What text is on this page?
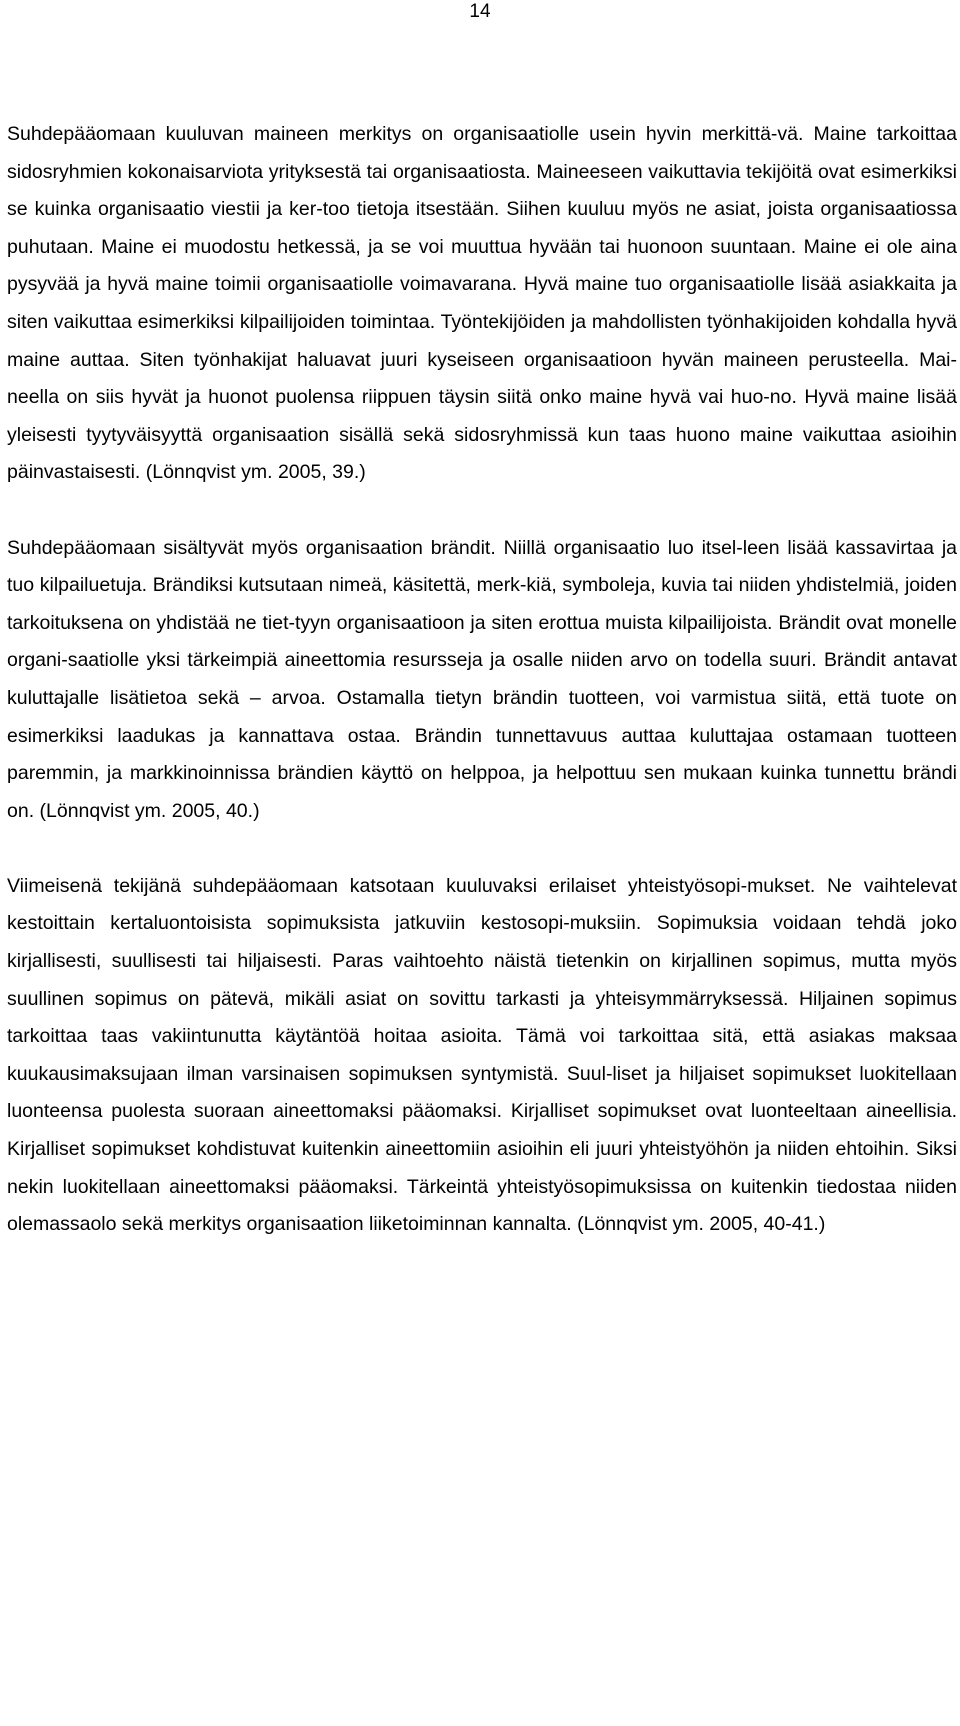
14

Suhdepääomaan kuuluvan maineen merkitys on organisaatiolle usein hyvin merkittä-vä. Maine tarkoittaa sidosryhmien kokonaisarviota yrityksestä tai organisaatiosta. Maineeseen vaikuttavia tekijöitä ovat esimerkiksi se kuinka organisaatio viestii ja ker-too tietoja itsestään. Siihen kuuluu myös ne asiat, joista organisaatiossa puhutaan. Maine ei muodostu hetkessä, ja se voi muuttua hyvään tai huonoon suuntaan. Maine ei ole aina pysyvää ja hyvä maine toimii organisaatiolle voimavarana. Hyvä maine tuo organisaatiolle lisää asiakkaita ja siten vaikuttaa esimerkiksi kilpailijoiden toimintaa. Työntekijöiden ja mahdollisten työnhakijoiden kohdalla hyvä maine auttaa. Siten työnhakijat haluavat juuri kyseiseen organisaatioon hyvän maineen perusteella. Mai-neella on siis hyvät ja huonot puolensa riippuen täysin siitä onko maine hyvä vai huo-no. Hyvä maine lisää yleisesti tyytyväisyyttä organisaation sisällä sekä sidosryhmissä kun taas huono maine vaikuttaa asioihin päinvastaisesti. (Lönnqvist ym. 2005, 39.)

Suhdepääomaan sisältyvät myös organisaation brändit. Niillä organisaatio luo itsel-leen lisää kassavirtaa ja tuo kilpailuetuja. Brändiksi kutsutaan nimeä, käsitettä, merk-kiä, symboleja, kuvia tai niiden yhdistelmiä, joiden tarkoituksena on yhdistää ne tiet-tyyn organisaatioon ja siten erottua muista kilpailijoista. Brändit ovat monelle organi-saatiolle yksi tärkeimpiä aineettomia resursseja ja osalle niiden arvo on todella suuri. Brändit antavat kuluttajalle lisätietoa sekä – arvoa. Ostamalla tietyn brändin tuotteen, voi varmistua siitä, että tuote on esimerkiksi laadukas ja kannattava ostaa. Brändin tunnettavuus auttaa kuluttajaa ostamaan tuotteen paremmin, ja markkinoinnissa brändien käyttö on helppoa, ja helpottuu sen mukaan kuinka tunnettu brändi on. (Lönnqvist ym. 2005, 40.)

Viimeisenä tekijänä suhdepääomaan katsotaan kuuluvaksi erilaiset yhteistyösopi-mukset. Ne vaihtelevat kestoittain kertaluontoisista sopimuksista jatkuviin kestosopi-muksiin. Sopimuksia voidaan tehdä joko kirjallisesti, suullisesti tai hiljaisesti. Paras vaihtoehto näistä tietenkin on kirjallinen sopimus, mutta myös suullinen sopimus on pätevä, mikäli asiat on sovittu tarkasti ja yhteisymmärryksessä. Hiljainen sopimus tarkoittaa taas vakiintunutta käytäntöä hoitaa asioita. Tämä voi tarkoittaa sitä, että asiakas maksaa kuukausimaksujaan ilman varsinaisen sopimuksen syntymistä. Suul-liset ja hiljaiset sopimukset luokitellaan luonteensa puolesta suoraan aineettomaksi pääomaksi. Kirjalliset sopimukset ovat luonteeltaan aineellisia. Kirjalliset sopimukset kohdistuvat kuitenkin aineettomiin asioihin eli juuri yhteistyöhön ja niiden ehtoihin. Siksi nekin luokitellaan aineettomaksi pääomaksi. Tärkeintä yhteistyösopimuksissa on kuitenkin tiedostaa niiden olemassaolo sekä merkitys organisaation liiketoiminnan kannalta. (Lönnqvist ym. 2005, 40-41.)
